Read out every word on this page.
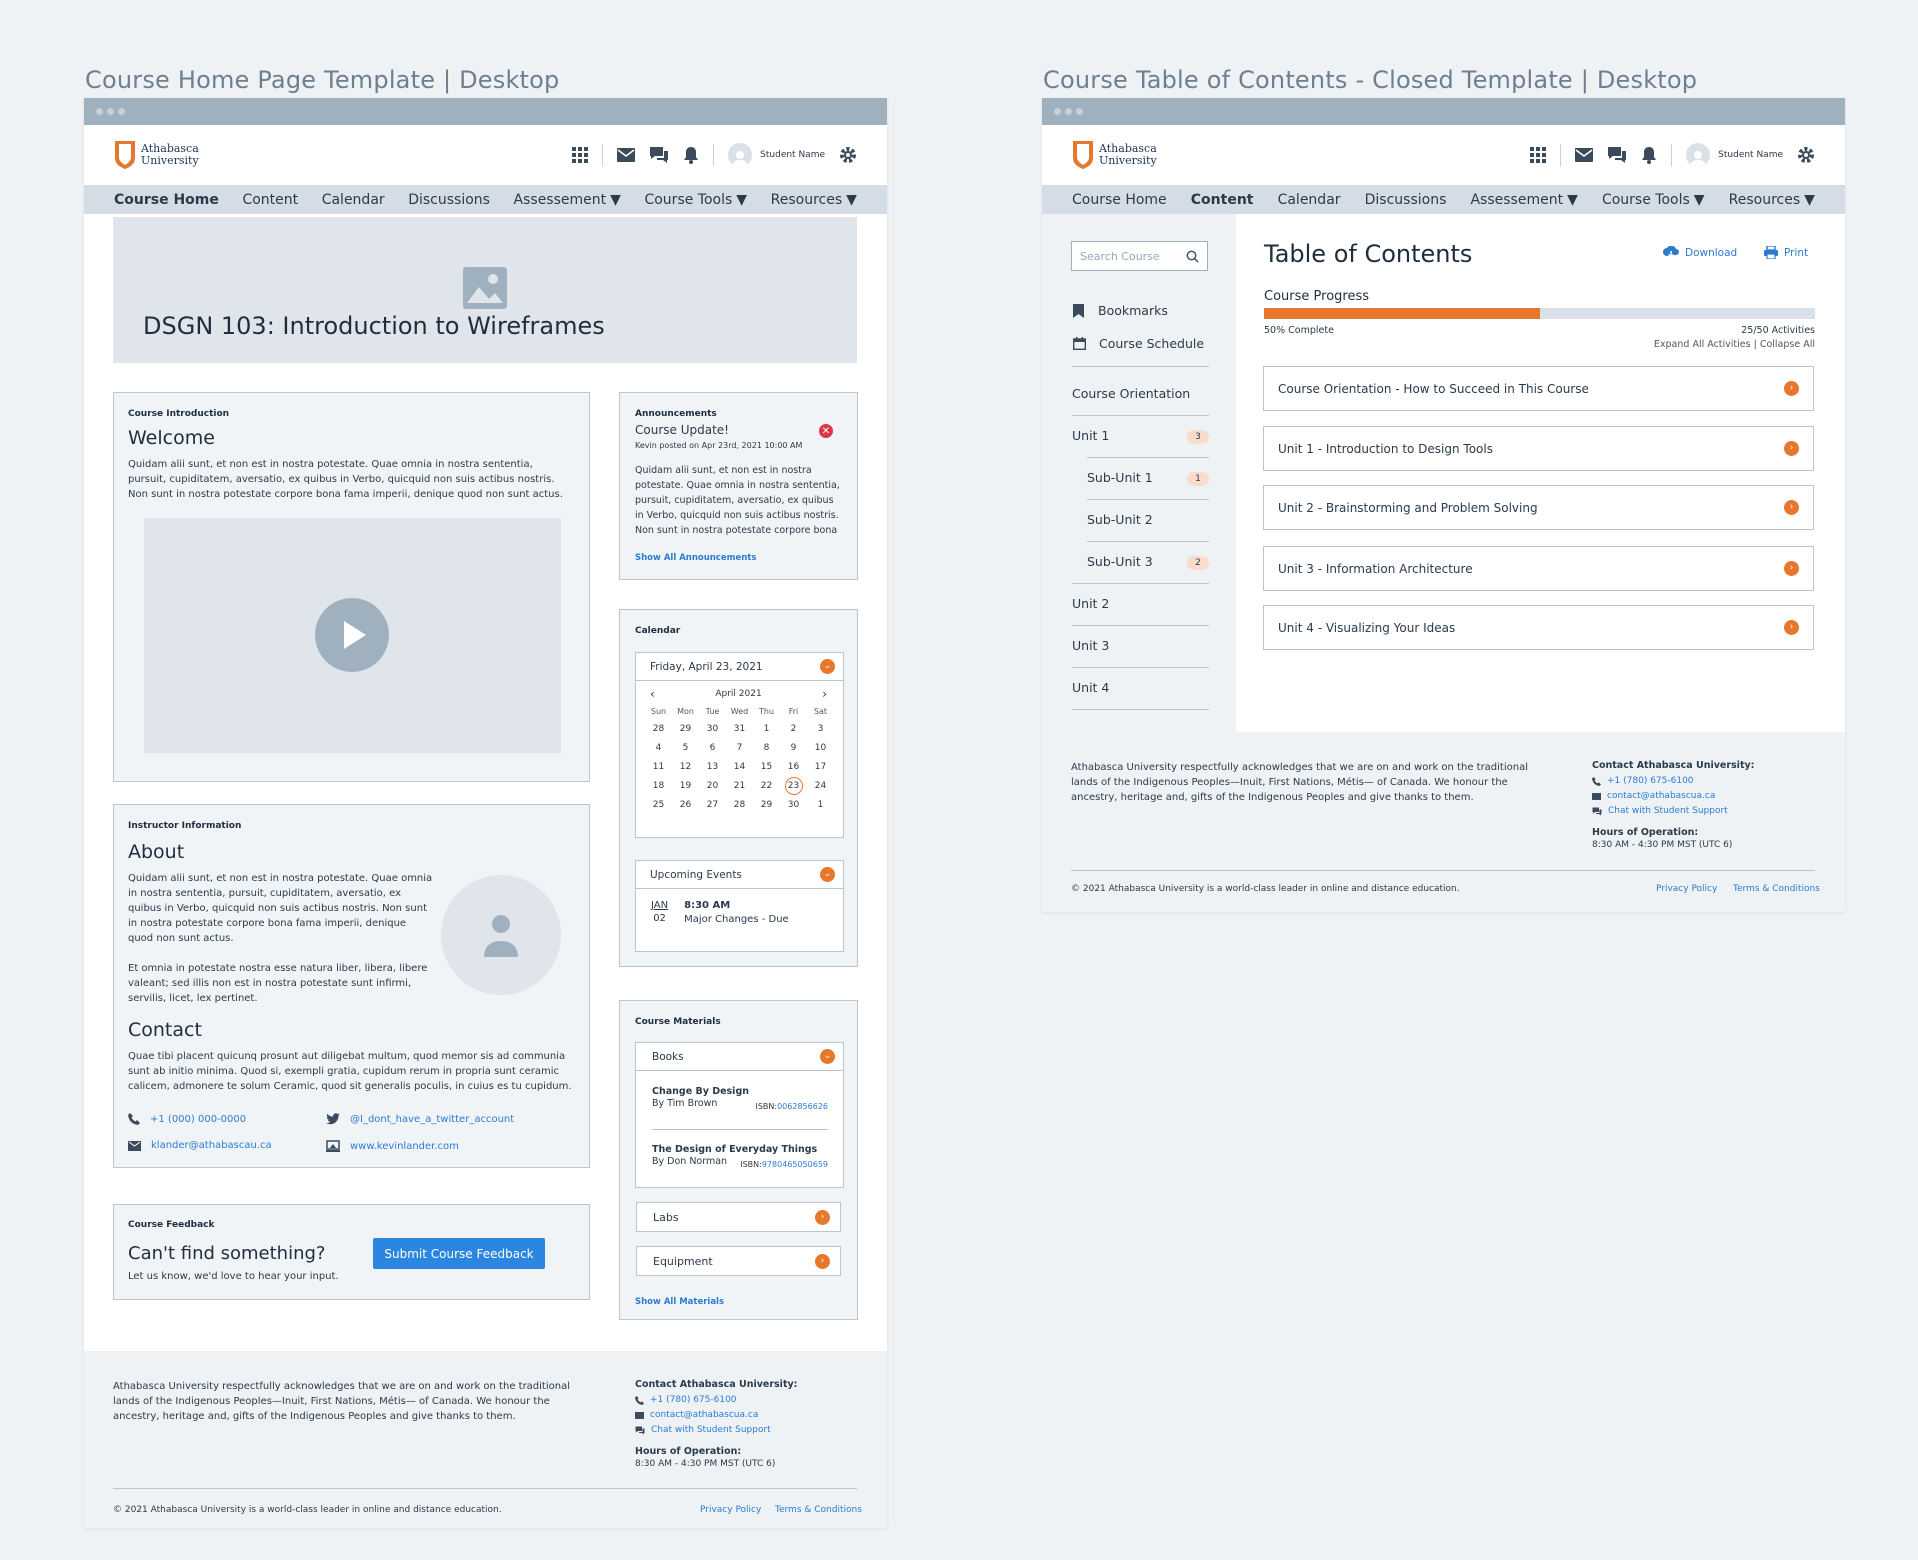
Course Home Page Template | Desktop
Athabasca
University	Student Name
Course Home Content Calendar Discussions Assessement ▼ Course Tools ▼ Resources ▼
DSGN 103: Introduction to Wireframes
Course Introduction
Welcome
Quidam alii sunt, et non est in nostra potestate. Quae omnia in nostra sententia, pursuit, cupiditatem, aversatio, ex quibus in Verbo, quicquid non suis actibus nostris. Non sunt in nostra potestate corpore bona fama imperii, denique quod non sunt actus.
Instructor Information
About
Quidam alii sunt, et non est in nostra potestate. Quae omnia in nostra sententia, pursuit, cupiditatem, aversatio, ex quibus in Verbo, quicquid non suis actibus nostris. Non sunt in nostra potestate corpore bona fama imperii, denique quod non sunt actus.
Et omnia in potestate nostra esse natura liber, libera, libere valeant; sed illis non est in nostra potestate sunt infirmi, servilis, licet, lex pertinet.
Contact
Quae tibi placent quicunq prosunt aut diligebat multum, quod memor sis ad communia sunt ab initio minima. Quod si, exempli gratia, cupidum rerum in propria sunt ceramic calicem, admonere te solum Ceramic, quod sit generalis poculis, in cuius es tu cupidum.
+1 (000) 000-0000	@I_dont_have_a_twitter_account
klander@athabascau.ca	www.kevinlander.com
Course Feedback
Can't find something?
Let us know, we'd love to hear your input.
Submit Course Feedback
Announcements
Course Update!	✕
Kevin posted on Apr 23rd, 2021 10:00 AM
Quidam alii sunt, et non est in nostra potestate. Quae omnia in nostra sententia, pursuit, cupiditatem, aversatio, ex quibus in Verbo, quicquid non suis actibus nostris. Non sunt in nostra potestate corpore bona
Show All Announcements
Calendar
Friday, April 23, 2021	⌄
‹	April 2021	›
Sun	Mon	Tue	Wed	Thu	Fri	Sat
28	29	30	31	1	2	3
4	5	6	7	8	9	10
11	12	13	14	15	16	17
18	19	20	21	22	23	24
25	26	27	28	29	30	1
Upcoming Events	⌄
JAN
02
8:30 AM
Major Changes - Due
Course Materials
Books	⌄
Change By Design
By Tim Brown	ISBN:0062856626
The Design of Everyday Things
By Don Norman ISBN:9780465050659
Labs	›
Equipment	›
Show All Materials
Athabasca University respectfully acknowledges that we are on and work on the traditional lands of the Indigenous Peoples—Inuit, First Nations, Métis— of Canada. We honour the ancestry, heritage and, gifts of the Indigenous Peoples and give thanks to them.
Contact Athabasca University:
+1 (780) 675-6100
contact@athabascua.ca
Chat with Student Support
Hours of Operation:
8:30 AM - 4:30 PM MST (UTC 6)
© 2021 Athabasca University is a world-class leader in online and distance education.	Privacy Policy Terms & Conditions
Course Table of Contents - Closed Template | Desktop
Athabasca
University	Student Name
Course Home Content Calendar Discussions Assessement ▼ Course Tools ▼ Resources ▼
Search Course
Bookmarks
Course Schedule
Course Orientation
Unit 1	3
Sub-Unit 1	1
Sub-Unit 2
Sub-Unit 3	2
Unit 2
Unit 3
Unit 4
Table of Contents	Download	Print
Course Progress
50% Complete	25/50 Activities
Expand All Activities | Collapse All
Course Orientation - How to Succeed in This Course	›
Unit 1 - Introduction to Design Tools	›
Unit 2 - Brainstorming and Problem Solving	›
Unit 3 - Information Architecture	›
Unit 4 - Visualizing Your Ideas	›
Athabasca University respectfully acknowledges that we are on and work on the traditional lands of the Indigenous Peoples—Inuit, First Nations, Métis— of Canada. We honour the ancestry, heritage and, gifts of the Indigenous Peoples and give thanks to them.
Contact Athabasca University:
+1 (780) 675-6100
contact@athabascua.ca
Chat with Student Support
Hours of Operation:
8:30 AM - 4:30 PM MST (UTC 6)
© 2021 Athabasca University is a world-class leader in online and distance education.	Privacy Policy Terms & Conditions
